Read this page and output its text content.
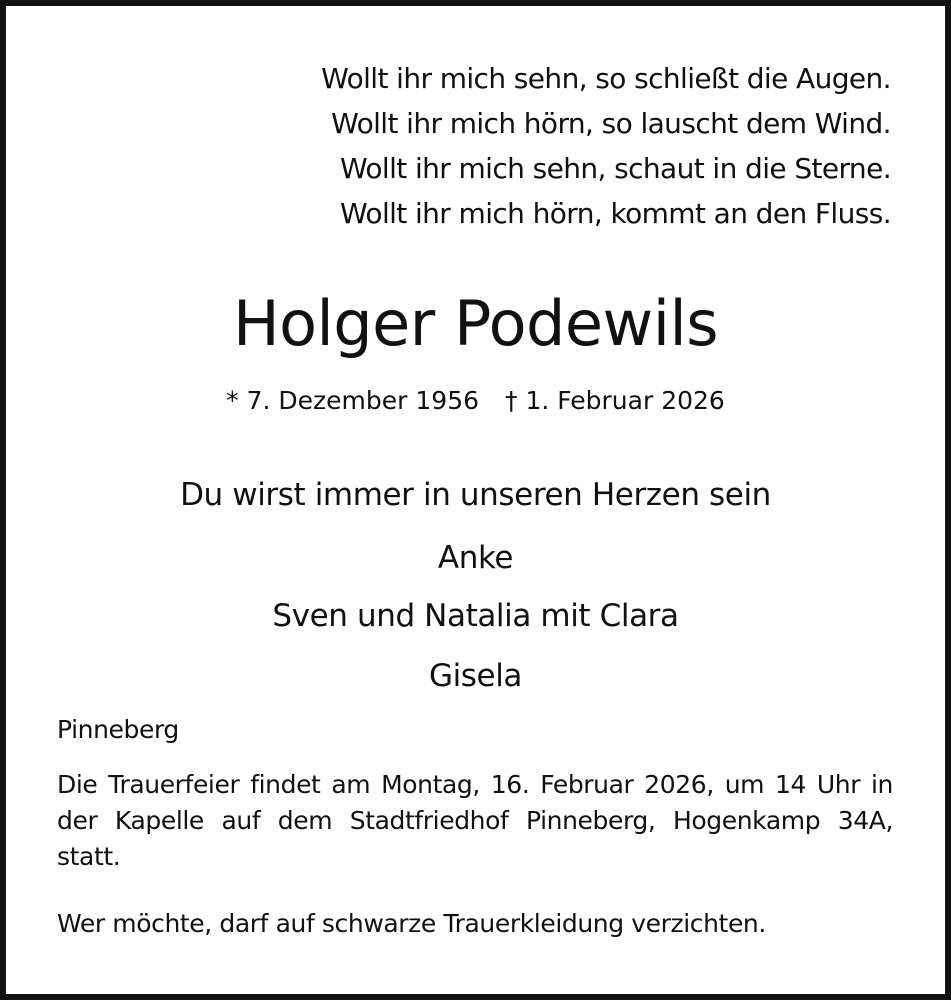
Wollt ihr mich sehn, so schließt die Augen.
Wollt ihr mich hörn, so lauscht dem Wind.
Wollt ihr mich sehn, schaut in die Sterne.
Wollt ihr mich hörn, kommt an den Fluss.
Holger Podewils
* 7. Dezember 1956 † 1. Februar 2026
Du wirst immer in unseren Herzen sein
Anke
Sven und Natalia mit Clara
Gisela
Pinneberg
Die Trauerfeier findet am Montag, 16. Februar 2026, um 14 Uhr in der Kapelle auf dem Stadtfriedhof Pinneberg, Hogenkamp 34A, statt.
Wer möchte, darf auf schwarze Trauerkleidung verzichten.
